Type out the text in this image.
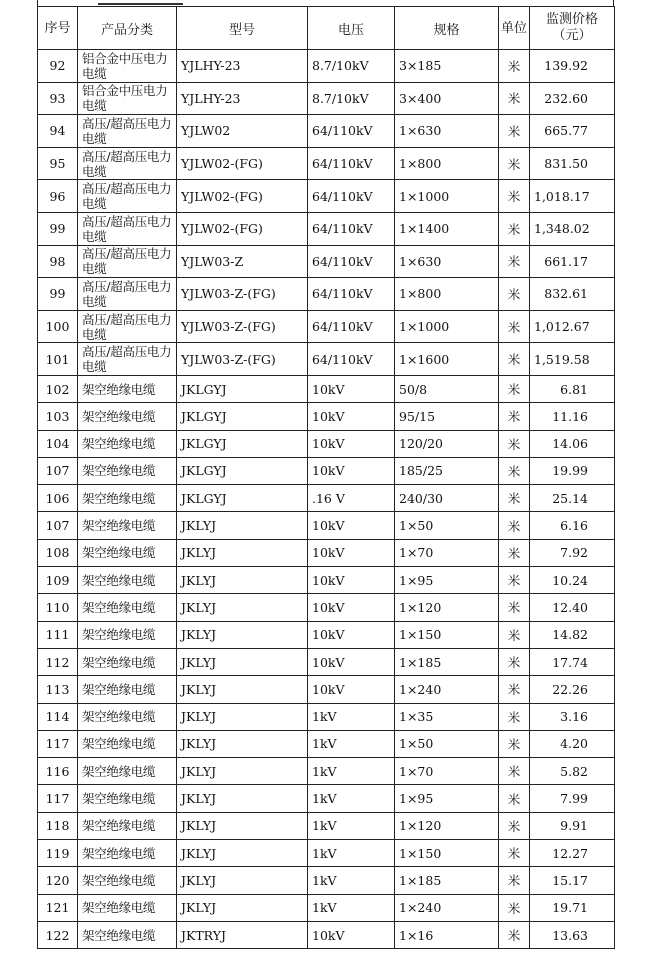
序号	产品分类	型号	电压	规格	单位	监测价格（元）
92	铝合金中压电力电缆	YJLHY-23	8.7/10kV	3×185	米	139.92
93	铝合金中压电力电缆	YJLHY-23	8.7/10kV	3×400	米	232.60
94	高压/超高压电力电缆	YJLW02	64/110kV	1×630	米	665.77
95	高压/超高压电力电缆	YJLW02-(FG)	64/110kV	1×800	米	831.50
96	高压/超高压电力电缆	YJLW02-(FG)	64/110kV	1×1000	米	1,018.17
99	高压/超高压电力电缆	YJLW02-(FG)	64/110kV	1×1400	米	1,348.02
98	高压/超高压电力电缆	YJLW03-Z	64/110kV	1×630	米	661.17
99	高压/超高压电力电缆	YJLW03-Z-(FG)	64/110kV	1×800	米	832.61
100	高压/超高压电力电缆	YJLW03-Z-(FG)	64/110kV	1×1000	米	1,012.67
101	高压/超高压电力电缆	YJLW03-Z-(FG)	64/110kV	1×1600	米	1,519.58
102	架空绝缘电缆	JKLGYJ	10kV	50/8	米	6.81
103	架空绝缘电缆	JKLGYJ	10kV	95/15	米	11.16
104	架空绝缘电缆	JKLGYJ	10kV	120/20	米	14.06
107	架空绝缘电缆	JKLGYJ	10kV	185/25	米	19.99
106	架空绝缘电缆	JKLGYJ	.16 V	240/30	米	25.14
107	架空绝缘电缆	JKLYJ	10kV	1×50	米	6.16
108	架空绝缘电缆	JKLYJ	10kV	1×70	米	7.92
109	架空绝缘电缆	JKLYJ	10kV	1×95	米	10.24
110	架空绝缘电缆	JKLYJ	10kV	1×120	米	12.40
111	架空绝缘电缆	JKLYJ	10kV	1×150	米	14.82
112	架空绝缘电缆	JKLYJ	10kV	1×185	米	17.74
113	架空绝缘电缆	JKLYJ	10kV	1×240	米	22.26
114	架空绝缘电缆	JKLYJ	1kV	1×35	米	3.16
117	架空绝缘电缆	JKLYJ	1kV	1×50	米	4.20
116	架空绝缘电缆	JKLYJ	1kV	1×70	米	5.82
117	架空绝缘电缆	JKLYJ	1kV	1×95	米	7.99
118	架空绝缘电缆	JKLYJ	1kV	1×120	米	9.91
119	架空绝缘电缆	JKLYJ	1kV	1×150	米	12.27
120	架空绝缘电缆	JKLYJ	1kV	1×185	米	15.17
121	架空绝缘电缆	JKLYJ	1kV	1×240	米	19.71
122	架空绝缘电缆	JKTRYJ	10kV	1×16	米	13.63
